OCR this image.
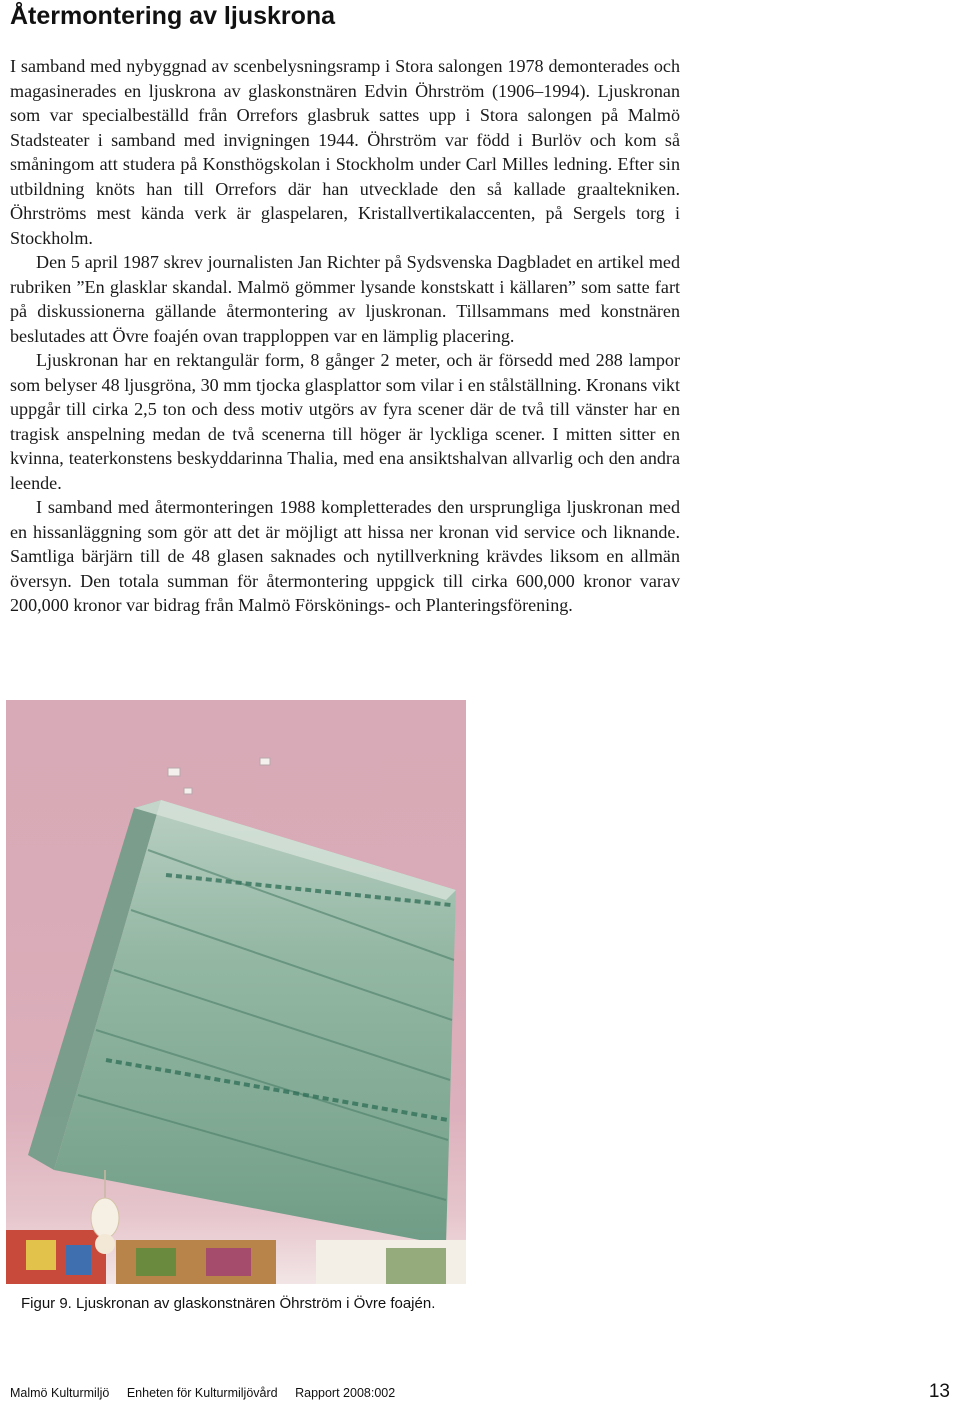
Återmontering av ljuskrona

I samband med nybyggnad av scenbelysningsramp i Stora salongen 1978 demonterades och magasinerades en ljuskrona av glaskonstnären Edvin Öhrström (1906–1994). Ljuskronan som var specialbeställd från Orrefors glasbruk sattes upp i Stora salongen på Malmö Stadsteater i samband med invigningen 1944. Öhrström var född i Burlöv och kom så småningom att studera på Konsthögskolan i Stockholm under Carl Milles ledning. Efter sin utbildning knöts han till Orrefors där han utvecklade den så kallade graaltekniken. Öhrströms mest kända verk är glaspelaren, Kristallvertikalaccenten, på Sergels torg i Stockholm.

Den 5 april 1987 skrev journalisten Jan Richter på Sydsvenska Dagbladet en artikel med rubriken ”En glasklar skandal. Malmö gömmer lysande konstskatt i källaren” som satte fart på diskussionerna gällande återmontering av ljuskronan. Tillsammans med konstnären beslutades att Övre foajén ovan trapploppen var en lämplig placering.

Ljuskronan har en rektangulär form, 8 gånger 2 meter, och är försedd med 288 lampor som belyser 48 ljusgröna, 30 mm tjocka glasplattor som vilar i en stålställning. Kronans vikt uppgår till cirka 2,5 ton och dess motiv utgörs av fyra scener där de två till vänster har en tragisk anspelning medan de två scenerna till höger är lyckliga scener. I mitten sitter en kvinna, teaterkonstens beskyddarinna Thalia, med ena ansiktshalvan allvarlig och den andra leende.

I samband med återmonteringen 1988 kompletterades den ursprungliga ljuskronan med en hissanläggning som gör att det är möjligt att hissa ner kronan vid service och liknande. Samtliga bärjärn till de 48 glasen saknades och nytillverkning krävdes liksom en allmän översyn. Den totala summan för återmontering uppgick till cirka 600,000 kronor varav 200,000 kronor var bidrag från Malmö Förskönings- och Planteringsförening.

Figur 9. Ljuskronan av glaskonstnären Öhrström i Övre foajén.

Malmö Kulturmiljö Enheten för Kulturmiljövård Rapport 2008:002	13
